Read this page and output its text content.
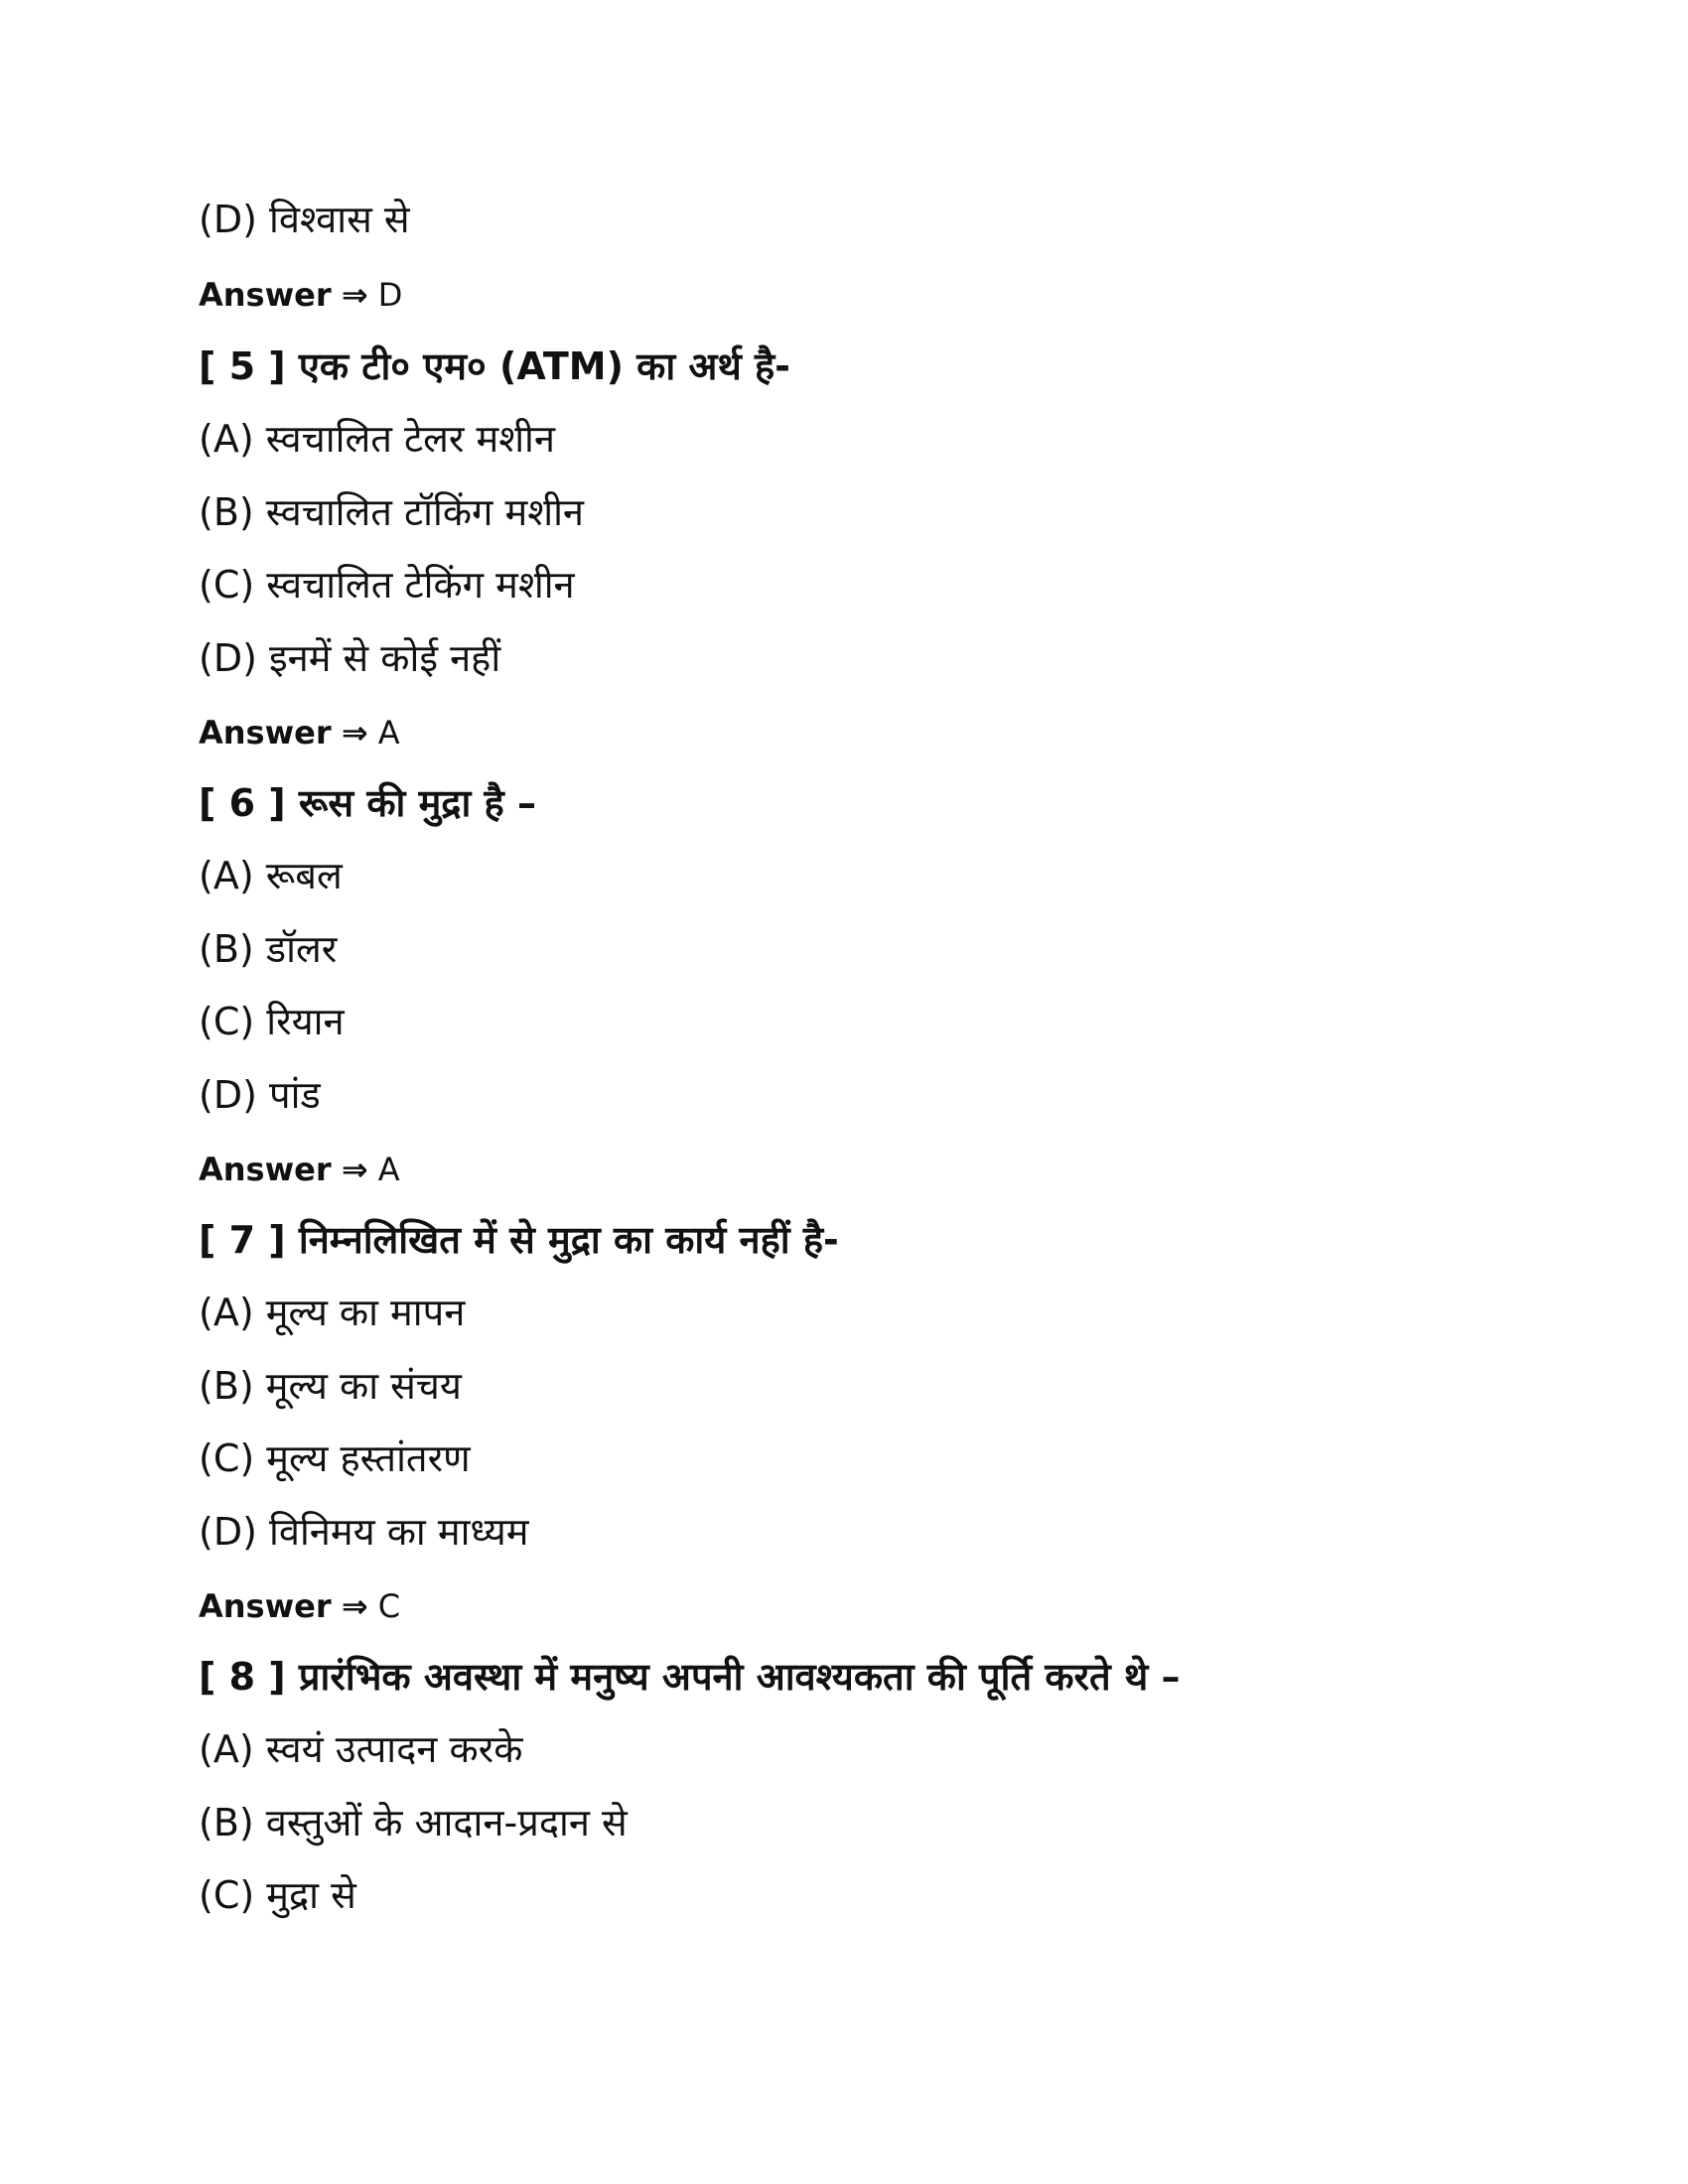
(D) विश्वास से
Answer ⇒ D
[ 5 ] एक टी० एम० (ATM) का अर्थ है-
(A) स्वचालित टेलर मशीन
(B) स्वचालित टॉकिंग मशीन
(C) स्वचालित टेकिंग मशीन
(D) इनमें से कोई नहीं
Answer ⇒ A
[ 6 ] रूस की मुद्रा है –
(A) रूबल
(B) डॉलर
(C) रियान
(D) पांड
Answer ⇒ A
[ 7 ] निम्नलिखित में से मुद्रा का कार्य नहीं है-
(A) मूल्य का मापन
(B) मूल्य का संचय
(C) मूल्य हस्तांतरण
(D) विनिमय का माध्यम
Answer ⇒ C
[ 8 ] प्रारंभिक अवस्था में मनुष्य अपनी आवश्यकता की पूर्ति करते थे –
(A) स्वयं उत्पादन करके
(B) वस्तुओं के आदान-प्रदान से
(C) मुद्रा से
